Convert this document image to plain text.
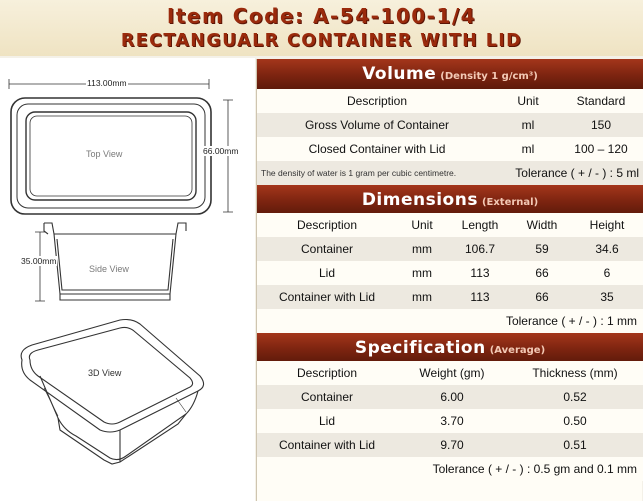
Item Code: A-54-100-1/4
RECTANGUALR CONTAINER WITH LID
113.00mm
66.00mm
35.00mm
Top View
Side View
3D View
Volume (Density 1 g/cm³)
Description	Unit	Standard
Gross Volume of Container	ml	150
Closed Container with Lid	ml	100 – 120
The density of water is 1 gram per cubic centimetre.	Tolerance ( + / - ) : 5 ml
Dimensions (External)
Description	Unit	Length	Width	Height
Container	mm	106.7	59	34.6
Lid	mm	113	66	6
Container with Lid	mm	113	66	35
Tolerance ( + / - ) : 1 mm
Specification (Average)
Description	Weight (gm)	Thickness (mm)
Container	6.00	0.52
Lid	3.70	0.50
Container with Lid	9.70	0.51
Tolerance ( + / - ) : 0.5 gm and 0.1 mm
